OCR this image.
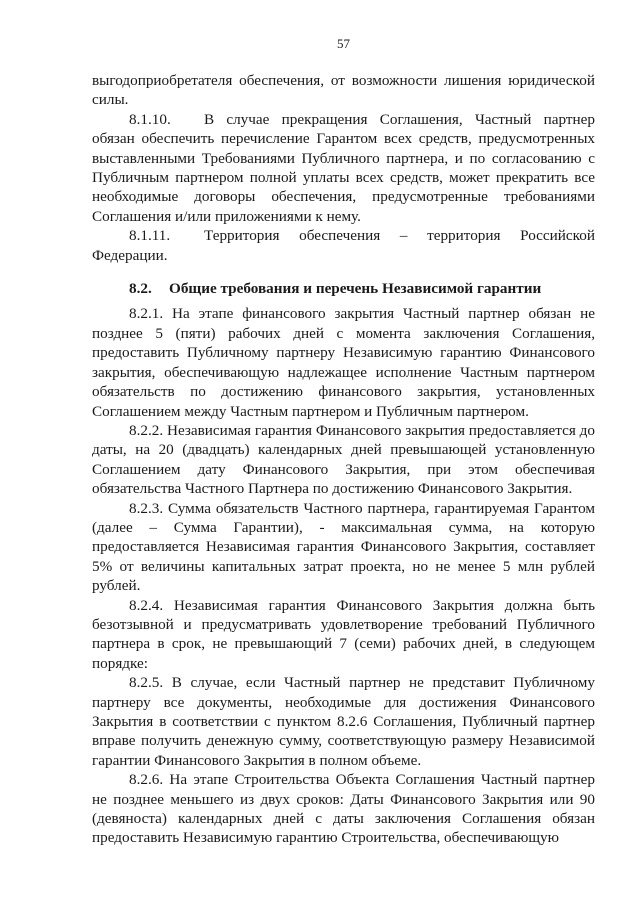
57

выгодоприобретателя обеспечения, от возможности лишения юридической силы.

8.1.10. В случае прекращения Соглашения, Частный партнер обязан обеспечить перечисление Гарантом всех средств, предусмотренных выставленными Требованиями Публичного партнера, и по согласованию с Публичным партнером полной уплаты всех средств, может прекратить все необходимые договоры обеспечения, предусмотренные требованиями Соглашения и/или приложениями к нему.

8.1.11. Территория обеспечения – территория Российской Федерации.

8.2. Общие требования и перечень Независимой гарантии

8.2.1. На этапе финансового закрытия Частный партнер обязан не позднее 5 (пяти) рабочих дней с момента заключения Соглашения, предоставить Публичному партнеру Независимую гарантию Финансового закрытия, обеспечивающую надлежащее исполнение Частным партнером обязательств по достижению финансового закрытия, установленных Соглашением между Частным партнером и Публичным партнером.

8.2.2. Независимая гарантия Финансового закрытия предоставляется до даты, на 20 (двадцать) календарных дней превышающей установленную Соглашением дату Финансового Закрытия, при этом обеспечивая обязательства Частного Партнера по достижению Финансового Закрытия.

8.2.3. Сумма обязательств Частного партнера, гарантируемая Гарантом (далее – Сумма Гарантии), - максимальная сумма, на которую предоставляется Независимая гарантия Финансового Закрытия, составляет 5% от величины капитальных затрат проекта, но не менее 5 млн рублей рублей.

8.2.4. Независимая гарантия Финансового Закрытия должна быть безотзывной и предусматривать удовлетворение требований Публичного партнера в срок, не превышающий 7 (семи) рабочих дней, в следующем порядке:

8.2.5. В случае, если Частный партнер не представит Публичному партнеру все документы, необходимые для достижения Финансового Закрытия в соответствии с пунктом 8.2.6 Соглашения, Публичный партнер вправе получить денежную сумму, соответствующую размеру Независимой гарантии Финансового Закрытия в полном объеме.

8.2.6. На этапе Строительства Объекта Соглашения Частный партнер не позднее меньшего из двух сроков: Даты Финансового Закрытия или 90 (девяноста) календарных дней с даты заключения Соглашения обязан предоставить Независимую гарантию Строительства, обеспечивающую
